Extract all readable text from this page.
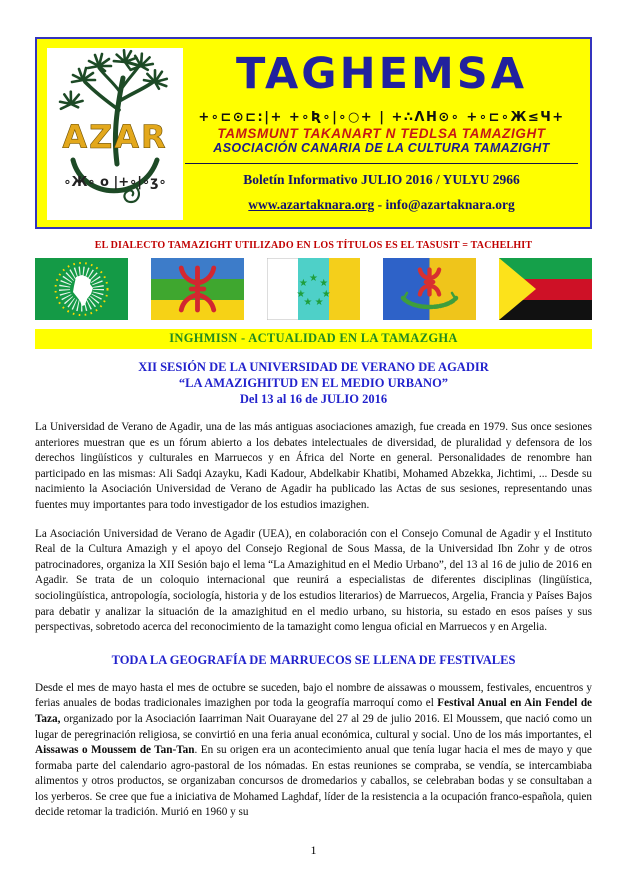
AZAR
∘Ж∘ o |+∘|∘ʒ∘
TAGHEMSA
+∘⊏⊙⊏:|+ +∘Ʀ∘|∘○+ | +∴ΛΗ⊙∘ +∘⊏∘Ж≤Ч+
TAMSMUNT TAKANART N TEDLSA TAMAZIGHT
ASOCIACIÓN CANARIA DE LA CULTURA TAMAZIGHT
Boletín Informativo JULIO 2016 / YULYU 2966
www.azartaknara.org - info@azartaknara.org
EL DIALECTO TAMAZIGHT UTILIZADO EN LOS TÍTULOS ES EL TASUSIT = TACHELHIT
★ ★
★
★
★
★
★
INGHMISN - ACTUALIDAD EN LA TAMAZGHA
XII SESIÓN DE LA UNIVERSIDAD DE VERANO DE AGADIR
“LA AMAZIGHITUD EN EL MEDIO URBANO”
Del 13 al 16 de JULIO 2016

La Universidad de Verano de Agadir, una de las más antiguas asociaciones amazigh, fue creada en 1979. Sus once sesiones anteriores muestran que es un fórum abierto a los debates intelectuales de diversidad, de pluralidad y defensora de los derechos lingüísticos y culturales en Marruecos y en África del Norte en general. Personalidades de renombre han participado en las mismas: Ali Sadqi Azayku, Kadi Kadour, Abdelkabir Khatibi, Mohamed Abzekka, Jichtimi, ... Desde su nacimiento la Asociación Universidad de Verano de Agadir ha publicado las Actas de sus sesiones, representando unas fuentes muy importantes para todo investigador de los estudios imazighen.

La Asociación Universidad de Verano de Agadir (UEA), en colaboración con el Consejo Comunal de Agadir y el Instituto Real de la Cultura Amazigh y el apoyo del Consejo Regional de Sous Massa, de la Universidad Ibn Zohr y de otros patrocinadores, organiza la XII Sesión bajo el lema “La Amazighitud en el Medio Urbano”, del 13 al 16 de julio de 2016 en Agadir. Se trata de un coloquio internacional que reunirá a especialistas de diferentes disciplinas (lingüística, sociolingüística, antropología, sociología, historia y de los estudios literarios) de Marruecos, Argelia, Francia y Países Bajos para debatir y analizar la situación de la amazighitud en el medio urbano, su historia, su estado en esos países y sus perspectivas, sobretodo acerca del reconocimiento de la tamazight como lengua oficial en Marruecos y en Argelia.

TODA LA GEOGRAFÍA DE MARRUECOS SE LLENA DE FESTIVALES

Desde el mes de mayo hasta el mes de octubre se suceden, bajo el nombre de aissawas o moussem, festivales, encuentros y ferias anuales de bodas tradicionales imazighen por toda la geografía marroquí como el Festival Anual en Ain Fendel de Taza, organizado por la Asociación Iaarriman Nait Ouarayane del 27 al 29 de julio 2016. El Moussem, que nació como un lugar de peregrinación religiosa, se convirtió en una feria anual económica, cultural y social. Uno de los más importantes, el Aissawas o Moussem de Tan-Tan. En su origen era un acontecimiento anual que tenía lugar hacia el mes de mayo y que formaba parte del calendario agro-pastoral de los nómadas. En estas reuniones se compraba, se vendía, se intercambiaba alimentos y otros productos, se organizaban concursos de dromedarios y caballos, se celebraban bodas y se consultaban a los yerberos. Se cree que fue a iniciativa de Mohamed Laghdaf, líder de la resistencia a la ocupación franco-española, quien decide retomar la tradición. Murió en 1960 y su

1
